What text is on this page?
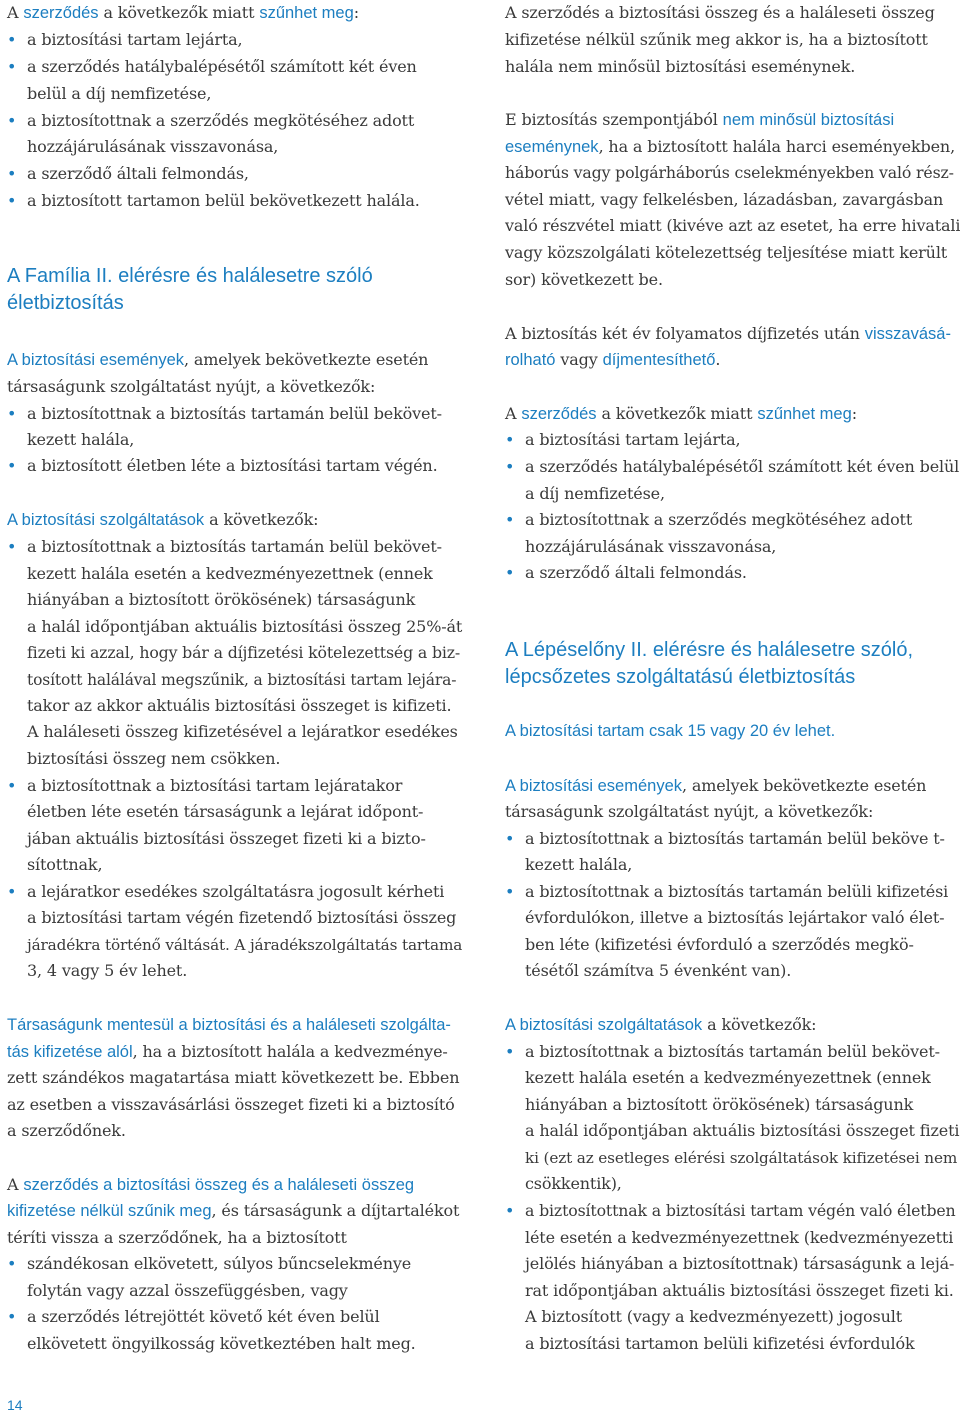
A szerződés a következők miatt szűnhet meg:
• a biztosítási tartam lejárta,
• a szerződés hatálybalépésétől számított két éven
belül a díj nemfizetése,
• a biztosítottnak a szerződés megkötéséhez adott
hozzájárulásának visszavonása,
• a szerződő általi felmondás,
• a biztosított tartamon belül bekövetkezett halála.
A Família II. elérésre és halálesetre szóló
életbiztosítás
A biztosítási események, amelyek bekövetkezte esetén
társaságunk szolgáltatást nyújt, a következők:
• a biztosítottnak a biztosítás tartamán belül bekövet-
kezett halála,
• a biztosított életben léte a biztosítási tartam végén.
A biztosítási szolgáltatások a következők:
• a biztosítottnak a biztosítás tartamán belül bekövet-
kezett halála esetén a kedvezményezettnek (ennek
hiányában a biztosított örökösének) társaságunk
a halál időpontjában aktuális biztosítási összeg 25%-át
fizeti ki azzal, hogy bár a díjfizetési kötelezettség a biz-
tosított halálával megszűnik, a biztosítási tartam lejára-
takor az akkor aktuális biztosítási összeget is kifizeti.
A haláleseti összeg kifizetésével a lejáratkor esedékes
biztosítási összeg nem csökken.
• a biztosítottnak a biztosítási tartam lejáratakor
életben léte esetén társaságunk a lejárat időpont-
jában aktuális biztosítási összeget fizeti ki a bizto-
sítottnak,
• a lejáratkor esedékes szolgáltatásra jogosult kérheti
a biztosítási tartam végén fizetendő biztosítási összeg
járadékra történő váltását. A járadékszolgáltatás tartama
3, 4 vagy 5 év lehet.
Társaságunk mentesül a biztosítási és a haláleseti szolgálta-
tás kifizetése alól, ha a biztosított halála a kedvezménye-
zett szándékos magatartása miatt következett be. Ebben
az esetben a visszavásárlási összeget fizeti ki a biztosító
a szerződőnek.
A szerződés a biztosítási összeg és a haláleseti összeg
kifizetése nélkül szűnik meg, és társaságunk a díjtartalékot
téríti vissza a szerződőnek, ha a biztosított
• szándékosan elkövetett, súlyos bűncselekménye
folytán vagy azzal összefüggésben, vagy
• a szerződés létrejöttét követő két éven belül
elkövetett öngyilkosság következtében halt meg.
A szerződés a biztosítási összeg és a haláleseti összeg
kifizetése nélkül szűnik meg akkor is, ha a biztosított
halála nem minősül biztosítási eseménynek.
E biztosítás szempontjából nem minősül biztosítási
eseménynek, ha a biztosított halála harci eseményekben,
háborús vagy polgárháborús cselekményekben való rész-
vétel miatt, vagy felkelésben, lázadásban, zavargásban
való részvétel miatt (kivéve azt az esetet, ha erre hivatali
vagy közszolgálati kötelezettség teljesítése miatt került
sor) következett be.
A biztosítás két év folyamatos díjfizetés után visszavásá-
rolható vagy díjmentesíthető.
A szerződés a következők miatt szűnhet meg:
• a biztosítási tartam lejárta,
• a szerződés hatálybalépésétől számított két éven belül
a díj nemfizetése,
• a biztosítottnak a szerződés megkötéséhez adott
hozzájárulásának visszavonása,
• a szerződő általi felmondás.
A Lépéselőny II. elérésre és halálesetre szóló,
lépcsőzetes szolgáltatású életbiztosítás
A biztosítási tartam csak 15 vagy 20 év lehet.
A biztosítási események, amelyek bekövetkezte esetén
társaságunk szolgáltatást nyújt, a következők:
• a biztosítottnak a biztosítás tartamán belül beköve t-
kezett halála,
• a biztosítottnak a biztosítás tartamán belüli kifizetési
évfordulókon, illetve a biztosítás lejártakor való élet-
ben léte (kifizetési évforduló a szerződés megkö-
tésétől számítva 5 évenként van).
A biztosítási szolgáltatások a következők:
• a biztosítottnak a biztosítás tartamán belül bekövet-
kezett halála esetén a kedvezményezettnek (ennek
hiányában a biztosított örökösének) társaságunk
a halál időpontjában aktuális biztosítási összeget fizeti
ki (ezt az esetleges elérési szolgáltatások kifizetései nem
csökkentik),
• a biztosítottnak a biztosítási tartam végén való életben
léte esetén a kedvezményezettnek (kedvezményezetti
jelölés hiányában a biztosítottnak) társaságunk a lejá-
rat időpontjában aktuális biztosítási összeget fizeti ki.
A biztosított (vagy a kedvezményezett) jogosult
a biztosítási tartamon belüli kifizetési évfordulók
14
